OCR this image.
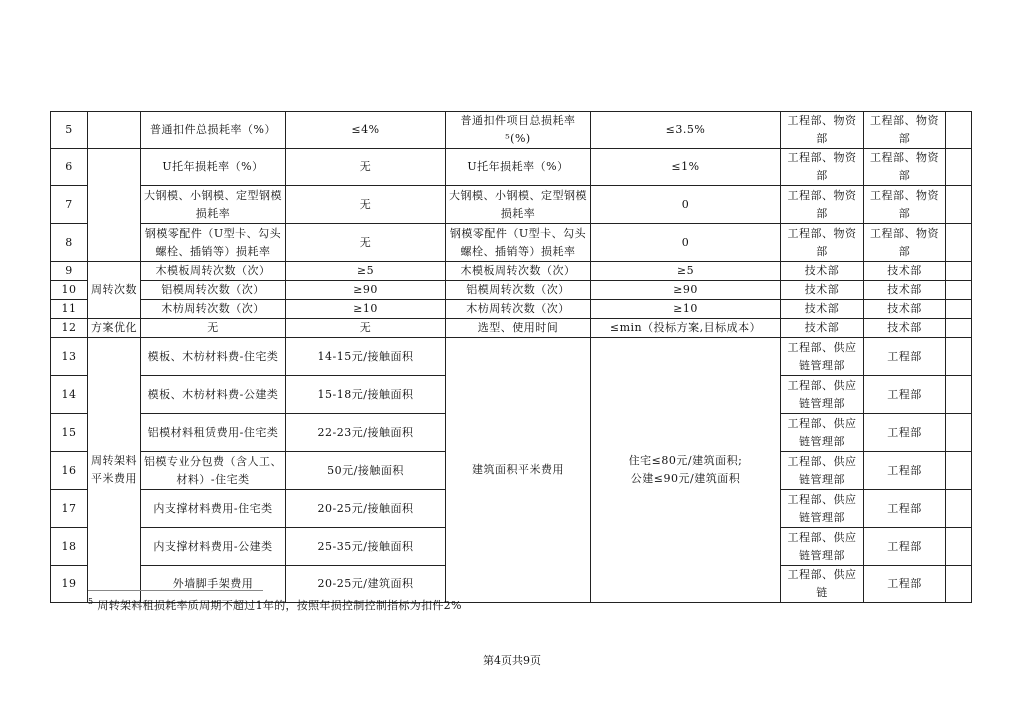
5		普通扣件总损耗率（%）	≤4%	普通扣件项目总损耗率⁵(%)	≤3.5%	工程部、物资部	工程部、物资部	
6		U托年损耗率（%）	无	U托年损耗率（%）	≤1%	工程部、物资部	工程部、物资部	
7		大钢模、小钢模、定型钢模损耗率	无	大钢模、小钢模、定型钢模损耗率	0	工程部、物资部	工程部、物资部	
8		钢模零配件（U型卡、勾头螺栓、插销等）损耗率	无	钢模零配件（U型卡、勾头螺栓、插销等）损耗率	0	工程部、物资部	工程部、物资部	
9	周转次数	木模板周转次数（次）	≥5	木模板周转次数（次）	≥5	技术部	技术部	
10		铝模周转次数（次）	≥90	铝模周转次数（次）	≥90	技术部	技术部	
11		木枋周转次数（次）	≥10	木枋周转次数（次）	≥10	技术部	技术部	
12	方案优化	无	无	选型、使用时间	≤min（投标方案,目标成本）	技术部	技术部	
13	周转架料平米费用	模板、木枋材料费-住宅类	14-15元/接触面积	建筑面积平米费用	住宅≤80元/建筑面积;
公建≤90元/建筑面积	工程部、供应链管理部	工程部	
14		模板、木枋材料费-公建类	15-18元/接触面积			工程部、供应链管理部	工程部	
15		铝模材料租赁费用-住宅类	22-23元/接触面积			工程部、供应链管理部	工程部	
16		铝模专业分包费（含人工、材料）-住宅类	50元/接触面积			工程部、供应链管理部	工程部	
17		内支撑材料费用-住宅类	20-25元/接触面积			工程部、供应链管理部	工程部	
18		内支撑材料费用-公建类	25-35元/接触面积			工程部、供应链管理部	工程部	
19		外墙脚手架费用	20-25元/建筑面积			工程部、供应链	工程部	
$^5$ 周转架料租损耗率质周期不超过1年的，按照年损控制控制指标为扣件2%
第4页共9页
